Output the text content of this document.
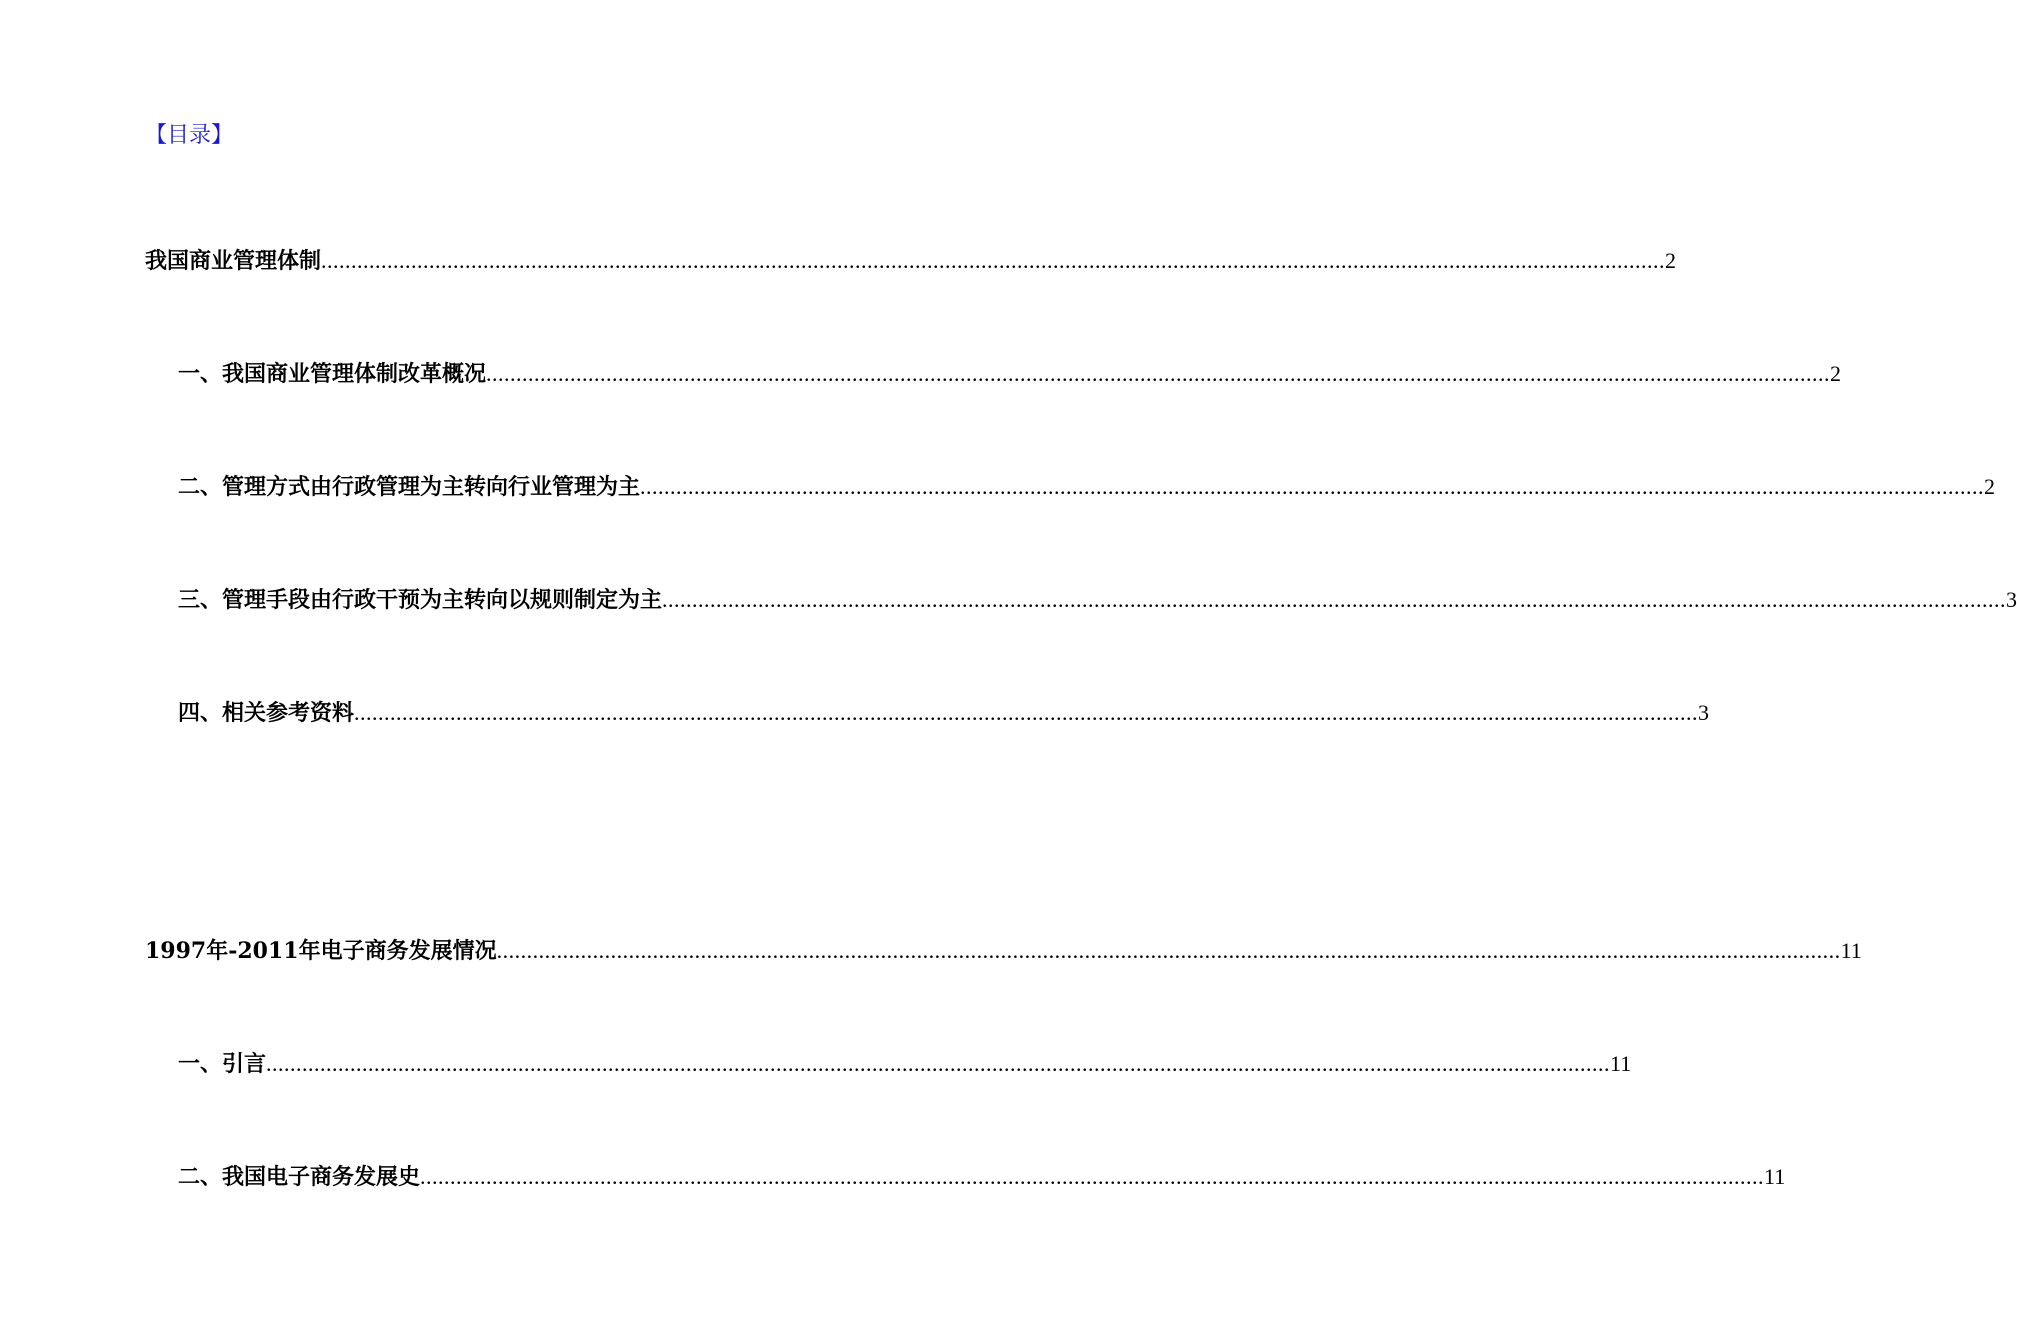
【目录】
我国商业管理体制 ................................................................................................................................................................................................................................ 2
一、我国商业管理体制改革概况 ................................................................................................................................................................................................................................ 2
二、管理方式由行政管理为主转向行业管理为主 ................................................................................................................................................................................................................................ 2
三、管理手段由行政干预为主转向以规则制定为主 ................................................................................................................................................................................................................................ 3
四、相关参考资料 ................................................................................................................................................................................................................................ 3
1997年-2011年电子商务发展情况 ................................................................................................................................................................................................................................ 11
一、引言 ................................................................................................................................................................................................................................ 11
二、我国电子商务发展史 ................................................................................................................................................................................................................................ 11
